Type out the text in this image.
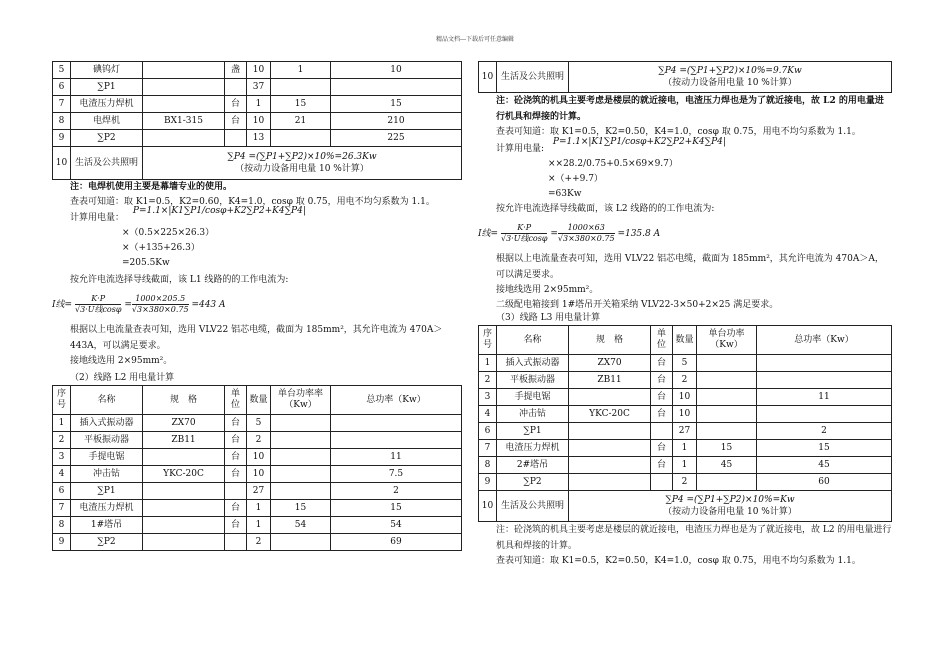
精品文档---下载后可任意编辑
5	碘钨灯		盏	10	1	10
6	∑P1			37		
7	电渣压力焊机		台	1	15	15
8	电焊机	BX1-315	台	10	21	210
9	∑P2			13		225
10	生活及公共照明	∑P4 =(∑P1+∑P2)×10%=26.3Kw
（按动力设备用电量 10 %计算）				

注：电焊机使用主要是幕墙专业的使用。

查表可知道：取 K1=0.5，K2=0.60，K4=1.0，cosφ 取 0.75，用电不均匀系数为 1.1。

计算用电量： P=1.1×|K1∑P1/cosφ+K2∑P2+K4∑P4|

×（0.5×225×26.3）

×（+135+26.3）

=205.5Kw

按允许电流选择导线截面，该 L1 线路的的工作电流为:

I线= $\frac{K\cdot P}{\text{√3·U线cosφ}} = \frac{1000\times 205.5}{√3\times 380\times 0.75} =443$ A

根据以上电流量查表可知，选用 VLV22 铝芯电缆，截面为 185mm²，其允许电流为 470A＞443A，可以满足要求。

接地线选用 2×95mm²。

（2）线路 L2 用电量计算

序号	名称	规　格	单位	数量	单台功率率（Kw）	总功率（Kw）
1	插入式振动器	ZX70	台	5		
2	平板振动器	ZB11	台	2		
3	手提电锯		台	10		11
4	冲击钻	YKC-20C	台	10		7.5
6	∑P1			27		2
7	电渣压力焊机		台	1	15	15
8	1#塔吊		台	1	54	54
9	∑P2			2		69
10	生活及公共照明	
∑P4 =(∑P1+∑P2)×10%=9.7Kw
（按动力设备用电量 10 %计算）

注：砼浇筑的机具主要考虑是楼层的就近接电，电渣压力焊也是为了就近接电，故 L2 的用电量进行机具和焊接的计算。

查表可知道：取 K1=0.5，K2=0.50，K4=1.0，cosφ 取 0.75，用电不均匀系数为 1.1。

计算用电量: P=1.1×|K1∑P1/cosφ+K2∑P2+K4∑P4|

××28.2/0.75+0.5×69×9.7）

×（++9.7）

=63Kw

按允许电流选择导线截面，该 L2 线路的的工作电流为:

I线= $\frac{K\cdot P}{\text{√3·U线cosφ}} = \frac{1000\times 63}{√3\times 380\times 0.75} =135.8$ A

根据以上电流量查表可知，选用 VLV22 铝芯电缆，截面为 185mm²，其允许电流为 470A＞A，可以满足要求。

接地线选用 2×95mm²。

二级配电箱接到 1#塔吊开关箱采纳 VLV22-3×50+2×25 满足要求。

（3）线路 L3 用电量计算

序号	名称	规　格	单位	数量	单台功率（Kw）	总功率（Kw）
1	插入式振动器	ZX70	台	5		
2	平板振动器	ZB11	台	2		
3	手提电锯		台	10		11
4	冲击钻	YKC-20C	台	10		
6	∑P1			27		2
7	电渣压力焊机		台	1	15	15
8	2#塔吊		台	1	45	45
9	∑P2			2		60
10	生活及公共照明	∑P4 =(∑P1+∑P2)×10%=Kw
（按动力设备用电量 10 %计算）				

注：砼浇筑的机具主要考虑是楼层的就近接电，电渣压力焊也是为了就近接电，故 L2 的用电量进行机具和焊接的计算。

查表可知道：取 K1=0.5，K2=0.50，K4=1.0，cosφ 取 0.75，用电不均匀系数为 1.1。
